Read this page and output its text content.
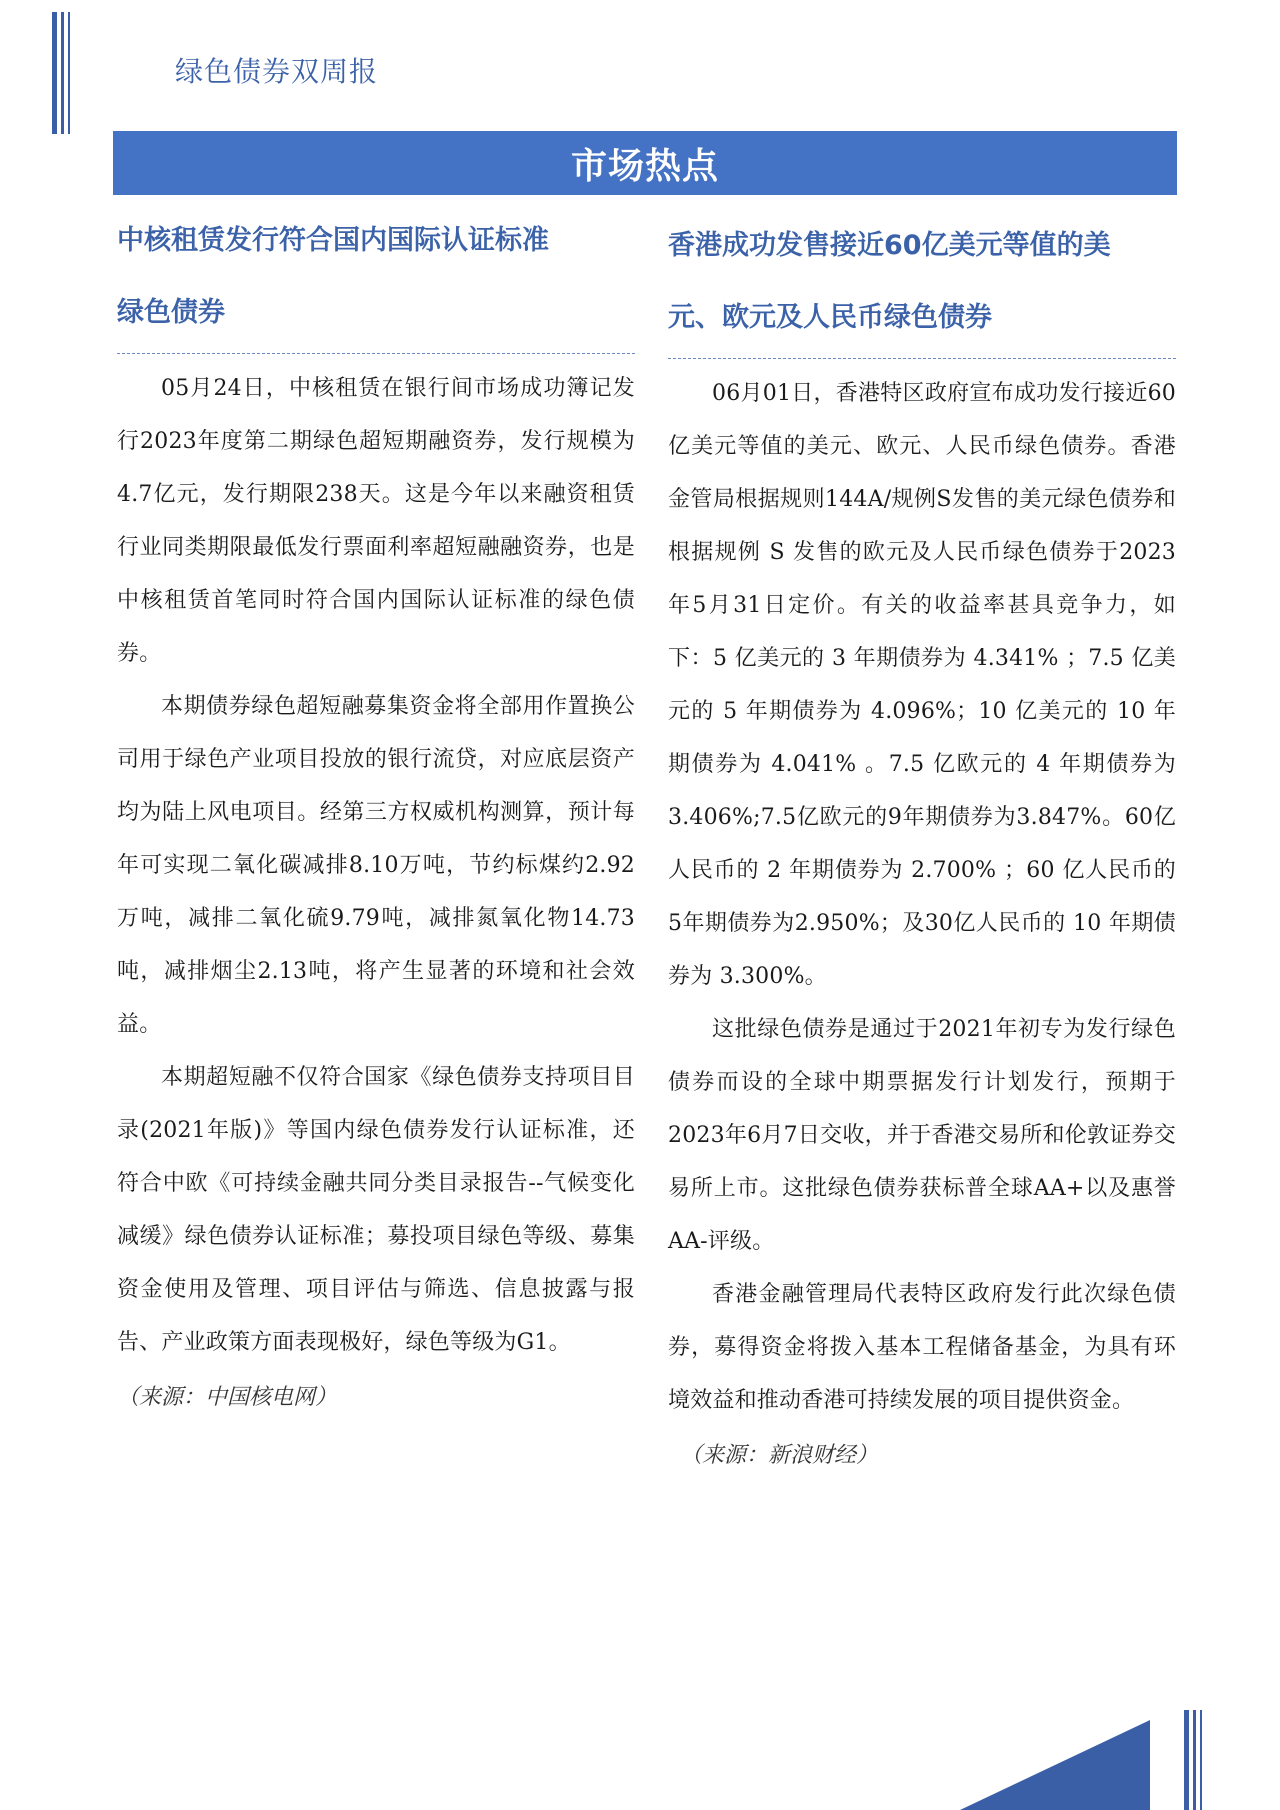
绿色债券双周报
市场热点
中核租赁发行符合国内国际认证标准
绿色债券

05月24日，中核租赁在银行间市场成功簿记发行2023年度第二期绿色超短期融资券，发行规模为4.7亿元，发行期限238天。这是今年以来融资租赁行业同类期限最低发行票面利率超短融融资券，也是中核租赁首笔同时符合国内国际认证标准的绿色债券。

本期债券绿色超短融募集资金将全部用作置换公司用于绿色产业项目投放的银行流贷，对应底层资产均为陆上风电项目。经第三方权威机构测算，预计每年可实现二氧化碳减排8.10万吨，节约标煤约2.92万吨，减排二氧化硫9.79吨，减排氮氧化物14.73吨，减排烟尘2.13吨，将产生显著的环境和社会效益。

本期超短融不仅符合国家《绿色债券支持项目目录(2021年版)》等国内绿色债券发行认证标准，还符合中欧《可持续金融共同分类目录报告--气候变化减缓》绿色债券认证标准；募投项目绿色等级、募集资金使用及管理、项目评估与筛选、信息披露与报告、产业政策方面表现极好，绿色等级为G1。

（来源：中国核电网）

香港成功发售接近60亿美元等值的美
元、欧元及人民币绿色债券

06月01日，香港特区政府宣布成功发行接近60亿美元等值的美元、欧元、人民币绿色债券。香港金管局根据规则144A/规例S发售的美元绿色债券和根据规例 S 发售的欧元及人民币绿色债券于2023年5月31日定价。有关的收益率甚具竞争力，如下：5 亿美元的 3 年期债券为 4.341% ；7.5 亿美元的 5 年期债券为 4.096%；10 亿美元的 10 年期债券为 4.041% 。7.5 亿欧元的 4 年期债券为3.406%;7.5亿欧元的9年期债券为3.847%。60亿人民币的 2 年期债券为 2.700% ；60 亿人民币的5年期债券为2.950%；及30亿人民币的 10 年期债券为 3.300%。

这批绿色债券是通过于2021年初专为发行绿色债券而设的全球中期票据发行计划发行，预期于2023年6月7日交收，并于香港交易所和伦敦证券交易所上市。这批绿色债券获标普全球AA+以及惠誉AA-评级。

香港金融管理局代表特区政府发行此次绿色债券，募得资金将拨入基本工程储备基金，为具有环境效益和推动香港可持续发展的项目提供资金。

（来源：新浪财经）

4
